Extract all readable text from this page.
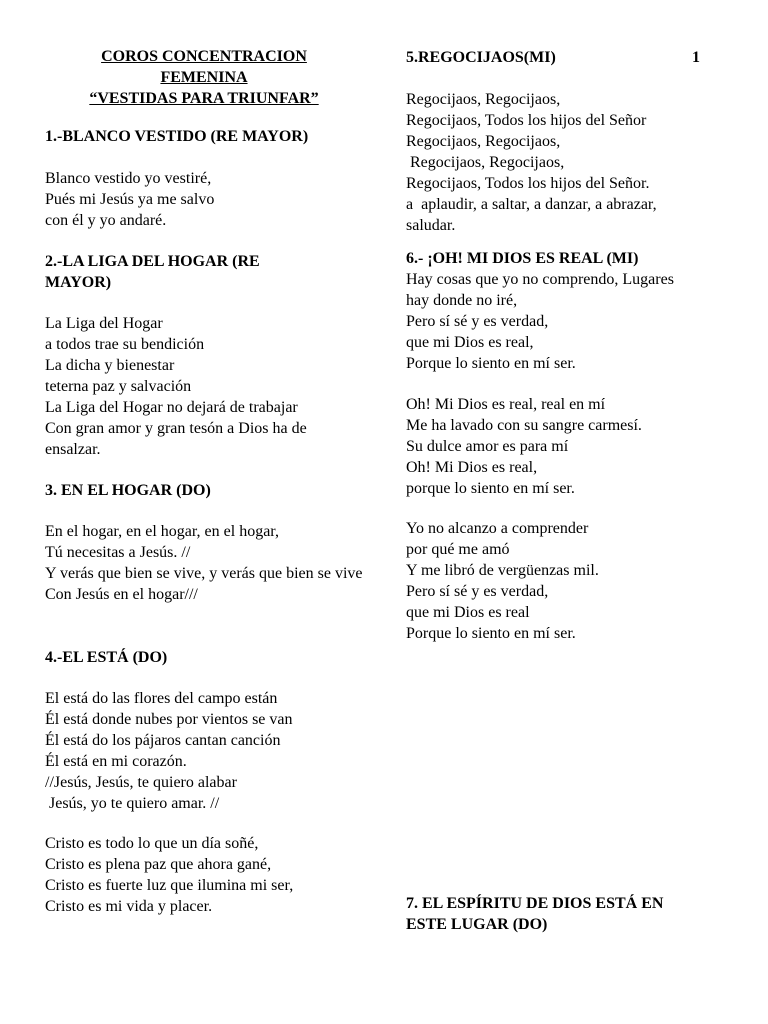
COROS CONCENTRACION
FEMENINA
“VESTIDAS PARA TRIUNFAR”
1
1.-BLANCO VESTIDO (RE MAYOR)
Blanco vestido yo vestiré,
Pués mi Jesús ya me salvo
con él y yo andaré.
2.-LA LIGA DEL HOGAR (RE MAYOR)
La Liga del Hogar
a todos trae su bendición
La dicha y bienestar
teterna paz y salvación
La Liga del Hogar no dejará de trabajar
Con gran amor y gran tesón a Dios ha de ensalzar.
3. EN EL HOGAR (DO)
En el hogar, en el hogar, en el hogar,
Tú necesitas a Jesús. //
Y verás que bien se vive, y verás que bien se vive
Con Jesús en el hogar///
4.-EL ESTÁ (DO)
El está do las flores del campo están
Él está donde nubes por vientos se van
Él está do los pájaros cantan canción
Él está en mi corazón.
//Jesús, Jesús, te quiero alabar
Jesús, yo te quiero amar. //
Cristo es todo lo que un día soñé,
Cristo es plena paz que ahora gané,
Cristo es fuerte luz que ilumina mi ser,
Cristo es mi vida y placer.
5.REGOCIJAOS(MI)
Regocijaos, Regocijaos,
Regocijaos, Todos los hijos del Señor
Regocijaos, Regocijaos,
Regocijaos, Regocijaos,
Regocijaos, Todos los hijos del Señor.
a  aplaudir, a saltar, a danzar, a abrazar,
saludar.
6.- ¡OH! MI DIOS ES REAL (MI)
Hay cosas que yo no comprendo, Lugares
hay donde no iré,
Pero sí sé y es verdad,
que mi Dios es real,
Porque lo siento en mí ser.
Oh! Mi Dios es real, real en mí
Me ha lavado con su sangre carmesí.
Su dulce amor es para mí
Oh! Mi Dios es real,
porque lo siento en mí ser.
Yo no alcanzo a comprender
por qué me amó
Y me libró de vergüenzas mil.
Pero sí sé y es verdad,
que mi Dios es real
Porque lo siento en mí ser.
7. EL ESPÍRITU DE DIOS ESTÁ EN ESTE LUGAR (DO)
